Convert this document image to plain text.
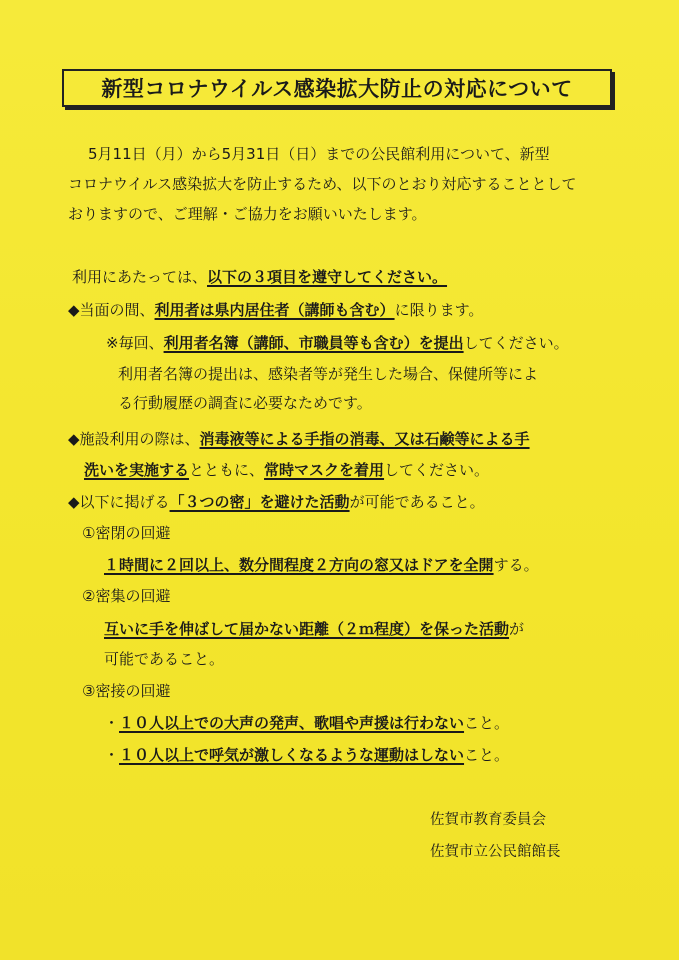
新型コロナウイルス感染拡大防止の対応について
5月11日（月）から5月31日（日）までの公民館利用について、新型
コロナウイルス感染拡大を防止するため、以下のとおり対応することとして
おりますので、ご理解・ご協力をお願いいたします。
利用にあたっては、以下の３項目を遵守してください。
◆当面の間、利用者は県内居住者（講師も含む）に限ります。
※毎回、利用者名簿（講師、市職員等も含む）を提出してください。
利用者名簿の提出は、感染者等が発生した場合、保健所等によ
る行動履歴の調査に必要なためです。
◆施設利用の際は、消毒液等による手指の消毒、又は石鹸等による手
洗いを実施するとともに、常時マスクを着用してください。
◆以下に掲げる「３つの密」を避けた活動が可能であること。
①密閉の回避
１時間に２回以上、数分間程度２方向の窓又はドアを全開する。
②密集の回避
互いに手を伸ばして届かない距離（２ｍ程度）を保った活動が
可能であること。
③密接の回避
・１０人以上での大声の発声、歌唱や声援は行わないこと。
・１０人以上で呼気が激しくなるような運動はしないこと。
佐賀市教育委員会
佐賀市立公民館館長
